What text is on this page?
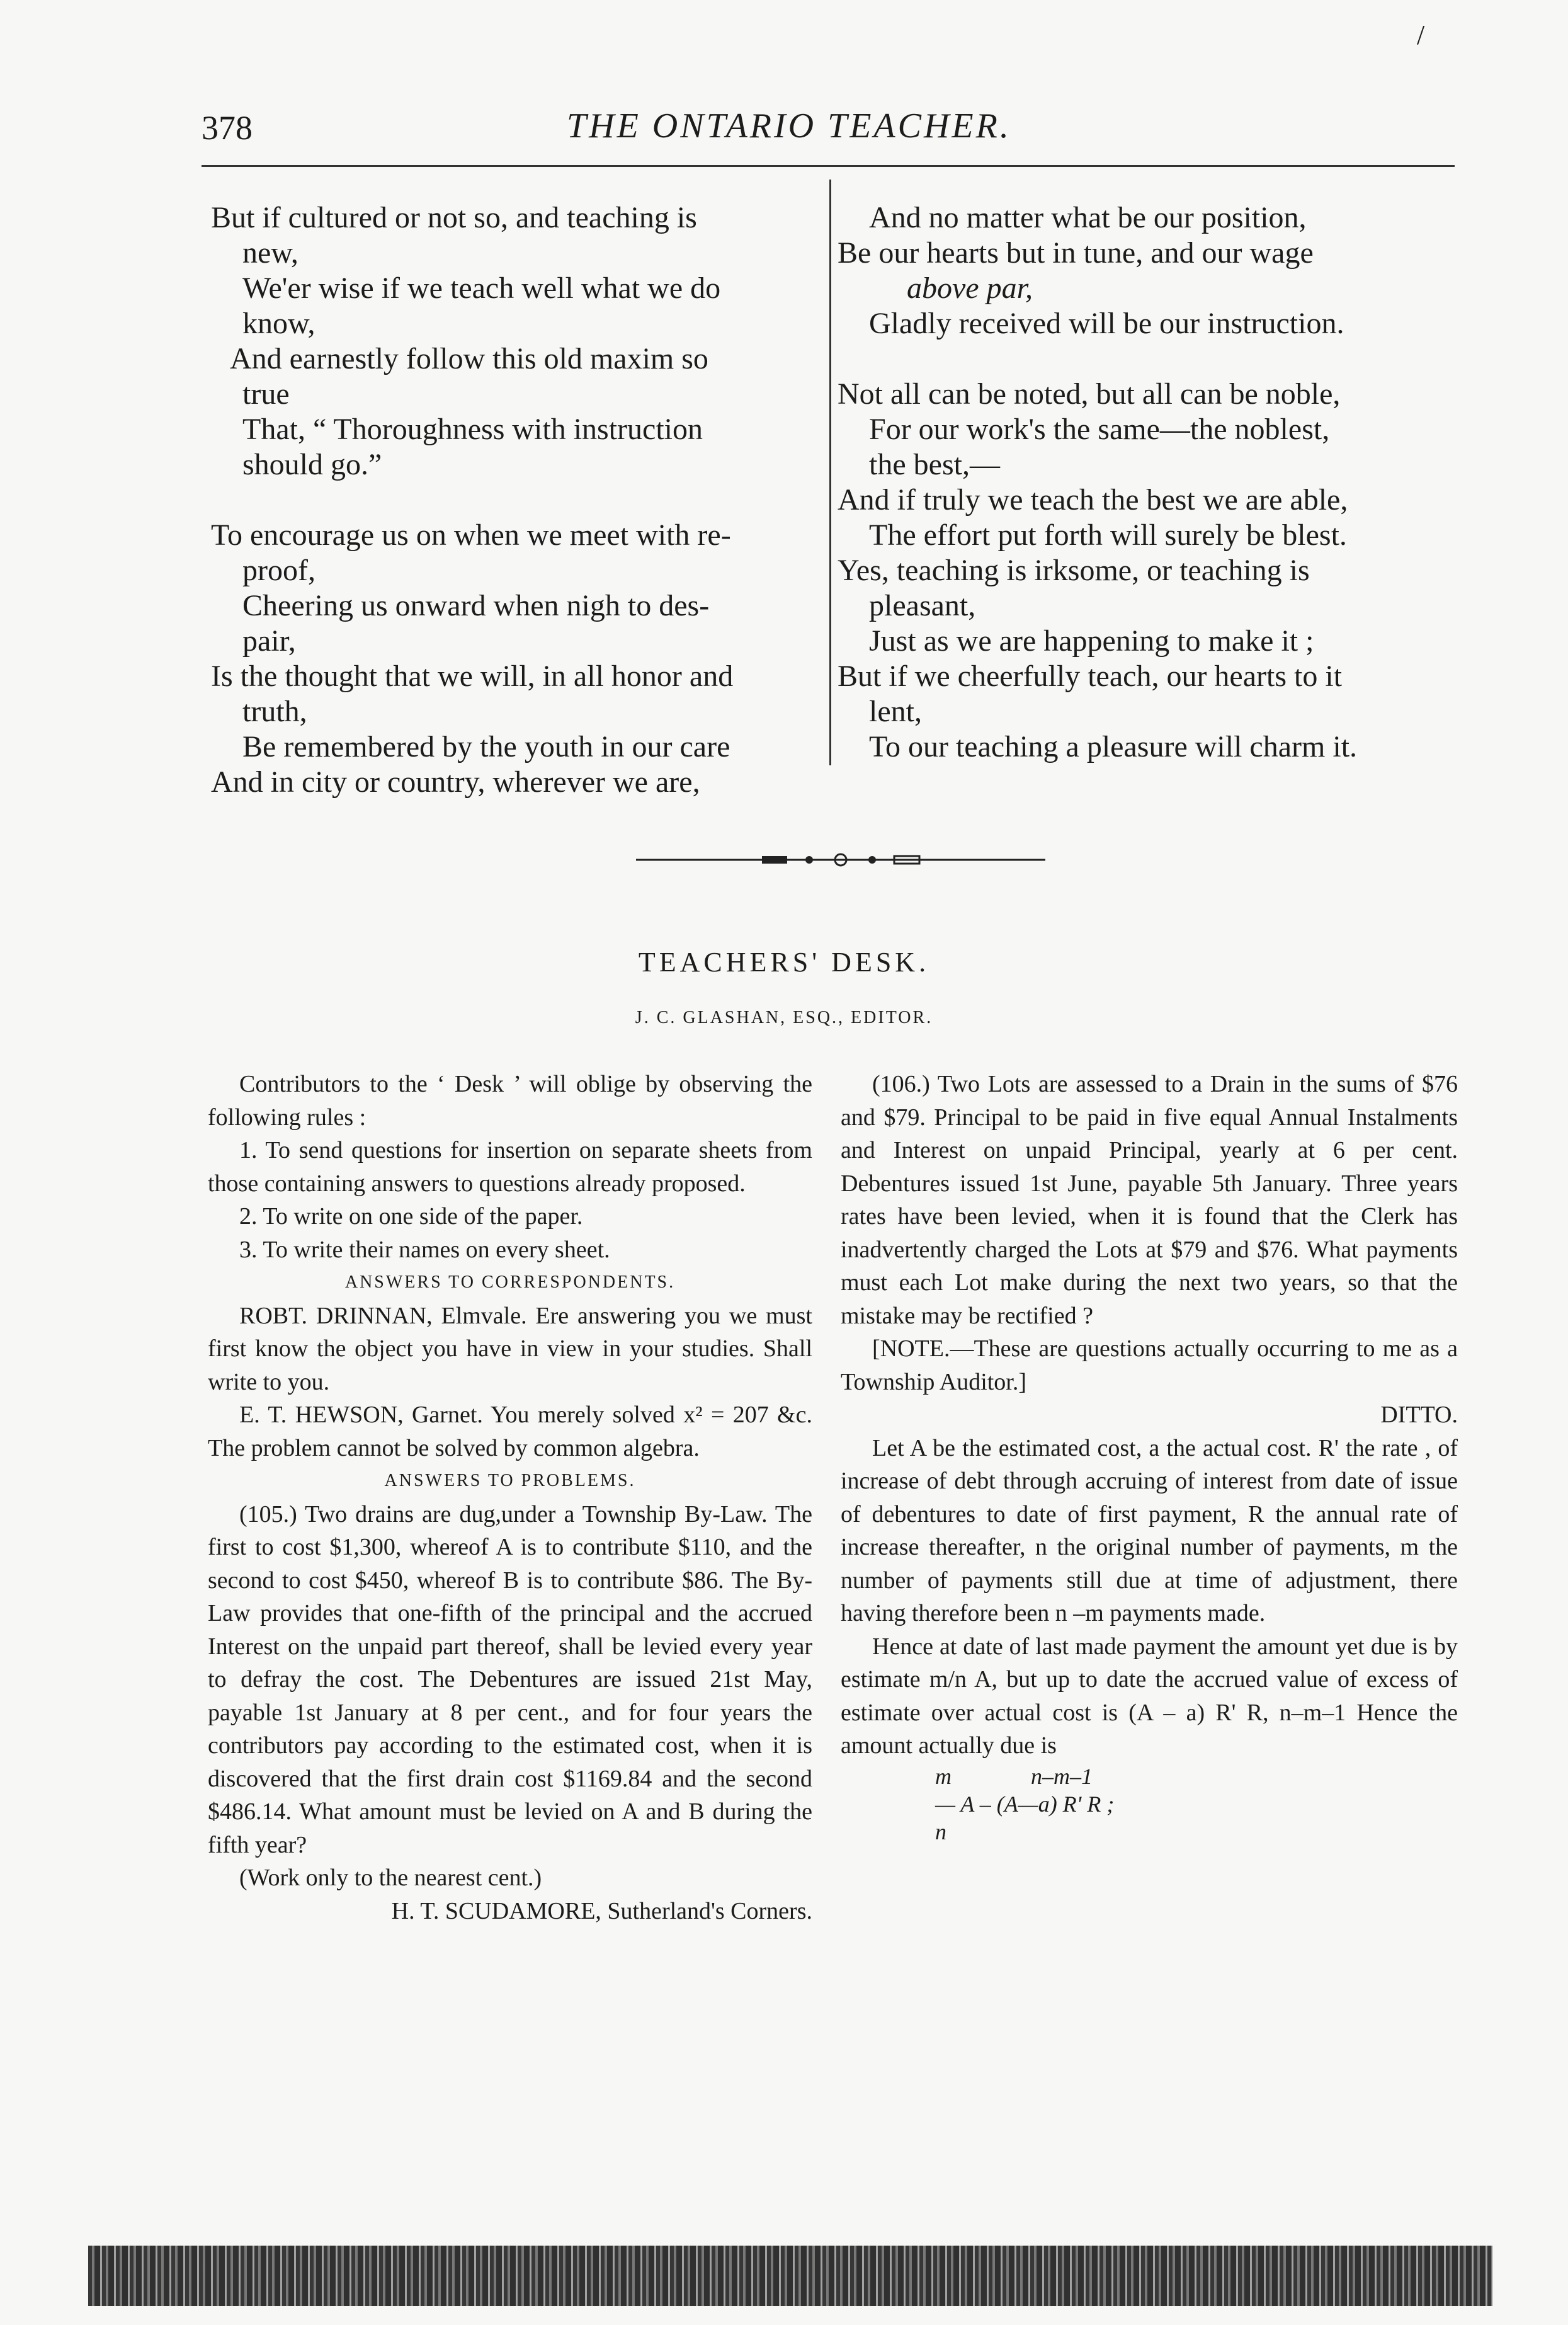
378	THE ONTARIO TEACHER.
/
But if cultured or not so, and teaching is
new,
We'er wise if we teach well what we do
know,
And earnestly follow this old maxim so
true
That, “ Thoroughness with instruction
should go.”
To encourage us on when we meet with re-
proof,
Cheering us onward when nigh to des-
pair,
Is the thought that we will, in all honor and
truth,
Be remembered by the youth in our care
And in city or country, wherever we are,
And no matter what be our position,
Be our hearts but in tune, and our wage
above par,
Gladly received will be our instruction.
Not all can be noted, but all can be noble,
For our work's the same—the noblest,
the best,—
And if truly we teach the best we are able,
The effort put forth will surely be blest.
Yes, teaching is irksome, or teaching is
pleasant,
Just as we are happening to make it ;
But if we cheerfully teach, our hearts to it
lent,
To our teaching a pleasure will charm it.
TEACHERS' DESK.
J. C. GLASHAN, ESQ., EDITOR.

Contributors to the ‘ Desk ’ will oblige by observing the following rules :

1. To send questions for insertion on separate sheets from those containing answers to questions already proposed.

2. To write on one side of the paper.

3. To write their names on every sheet.

ANSWERS TO CORRESPONDENTS.

ROBT. DRINNAN, Elmvale. Ere answering you we must first know the object you have in view in your studies. Shall write to you.

E. T. HEWSON, Garnet. You merely solved x² = 207 &c. The problem cannot be solved by common algebra.

ANSWERS TO PROBLEMS.

(105.) Two drains are dug,under a Township By-Law. The first to cost $1,300, whereof A is to contribute $110, and the second to cost $450, whereof B is to contribute $86. The By-Law provides that one-fifth of the principal and the accrued Interest on the unpaid part thereof, shall be levied every year to defray the cost. The Debentures are issued 21st May, payable 1st January at 8 per cent., and for four years the contributors pay according to the estimated cost, when it is discovered that the first drain cost $1169.84 and the second $486.14. What amount must be levied on A and B during the fifth year?

(Work only to the nearest cent.)

H. T. SCUDAMORE, Sutherland's Corners.

(106.) Two Lots are assessed to a Drain in the sums of $76 and $79. Principal to be paid in five equal Annual Instalments and Interest on unpaid Principal, yearly at 6 per cent. Debentures issued 1st June, payable 5th January. Three years rates have been levied, when it is found that the Clerk has inadvertently charged the Lots at $79 and $76. What payments must each Lot make during the next two years, so that the mistake may be rectified ?

[NOTE.—These are questions actually occurring to me as a Township Auditor.]

DITTO.

Let A be the estimated cost, a the actual cost. R' the rate , of increase of debt through accruing of interest from date of issue of debentures to date of first payment, R the annual rate of increase thereafter, n the original number of payments, m the number of payments still due at time of adjustment, there having therefore been n –m payments made.

Hence at date of last made payment the amount yet due is by estimate m/n A, but up to date the accrued value of excess of estimate over actual cost is (A – a) R' R, n–m–1 Hence the amount actually due is

m              n–m–1
— A – (A—a) R' R ;
n
